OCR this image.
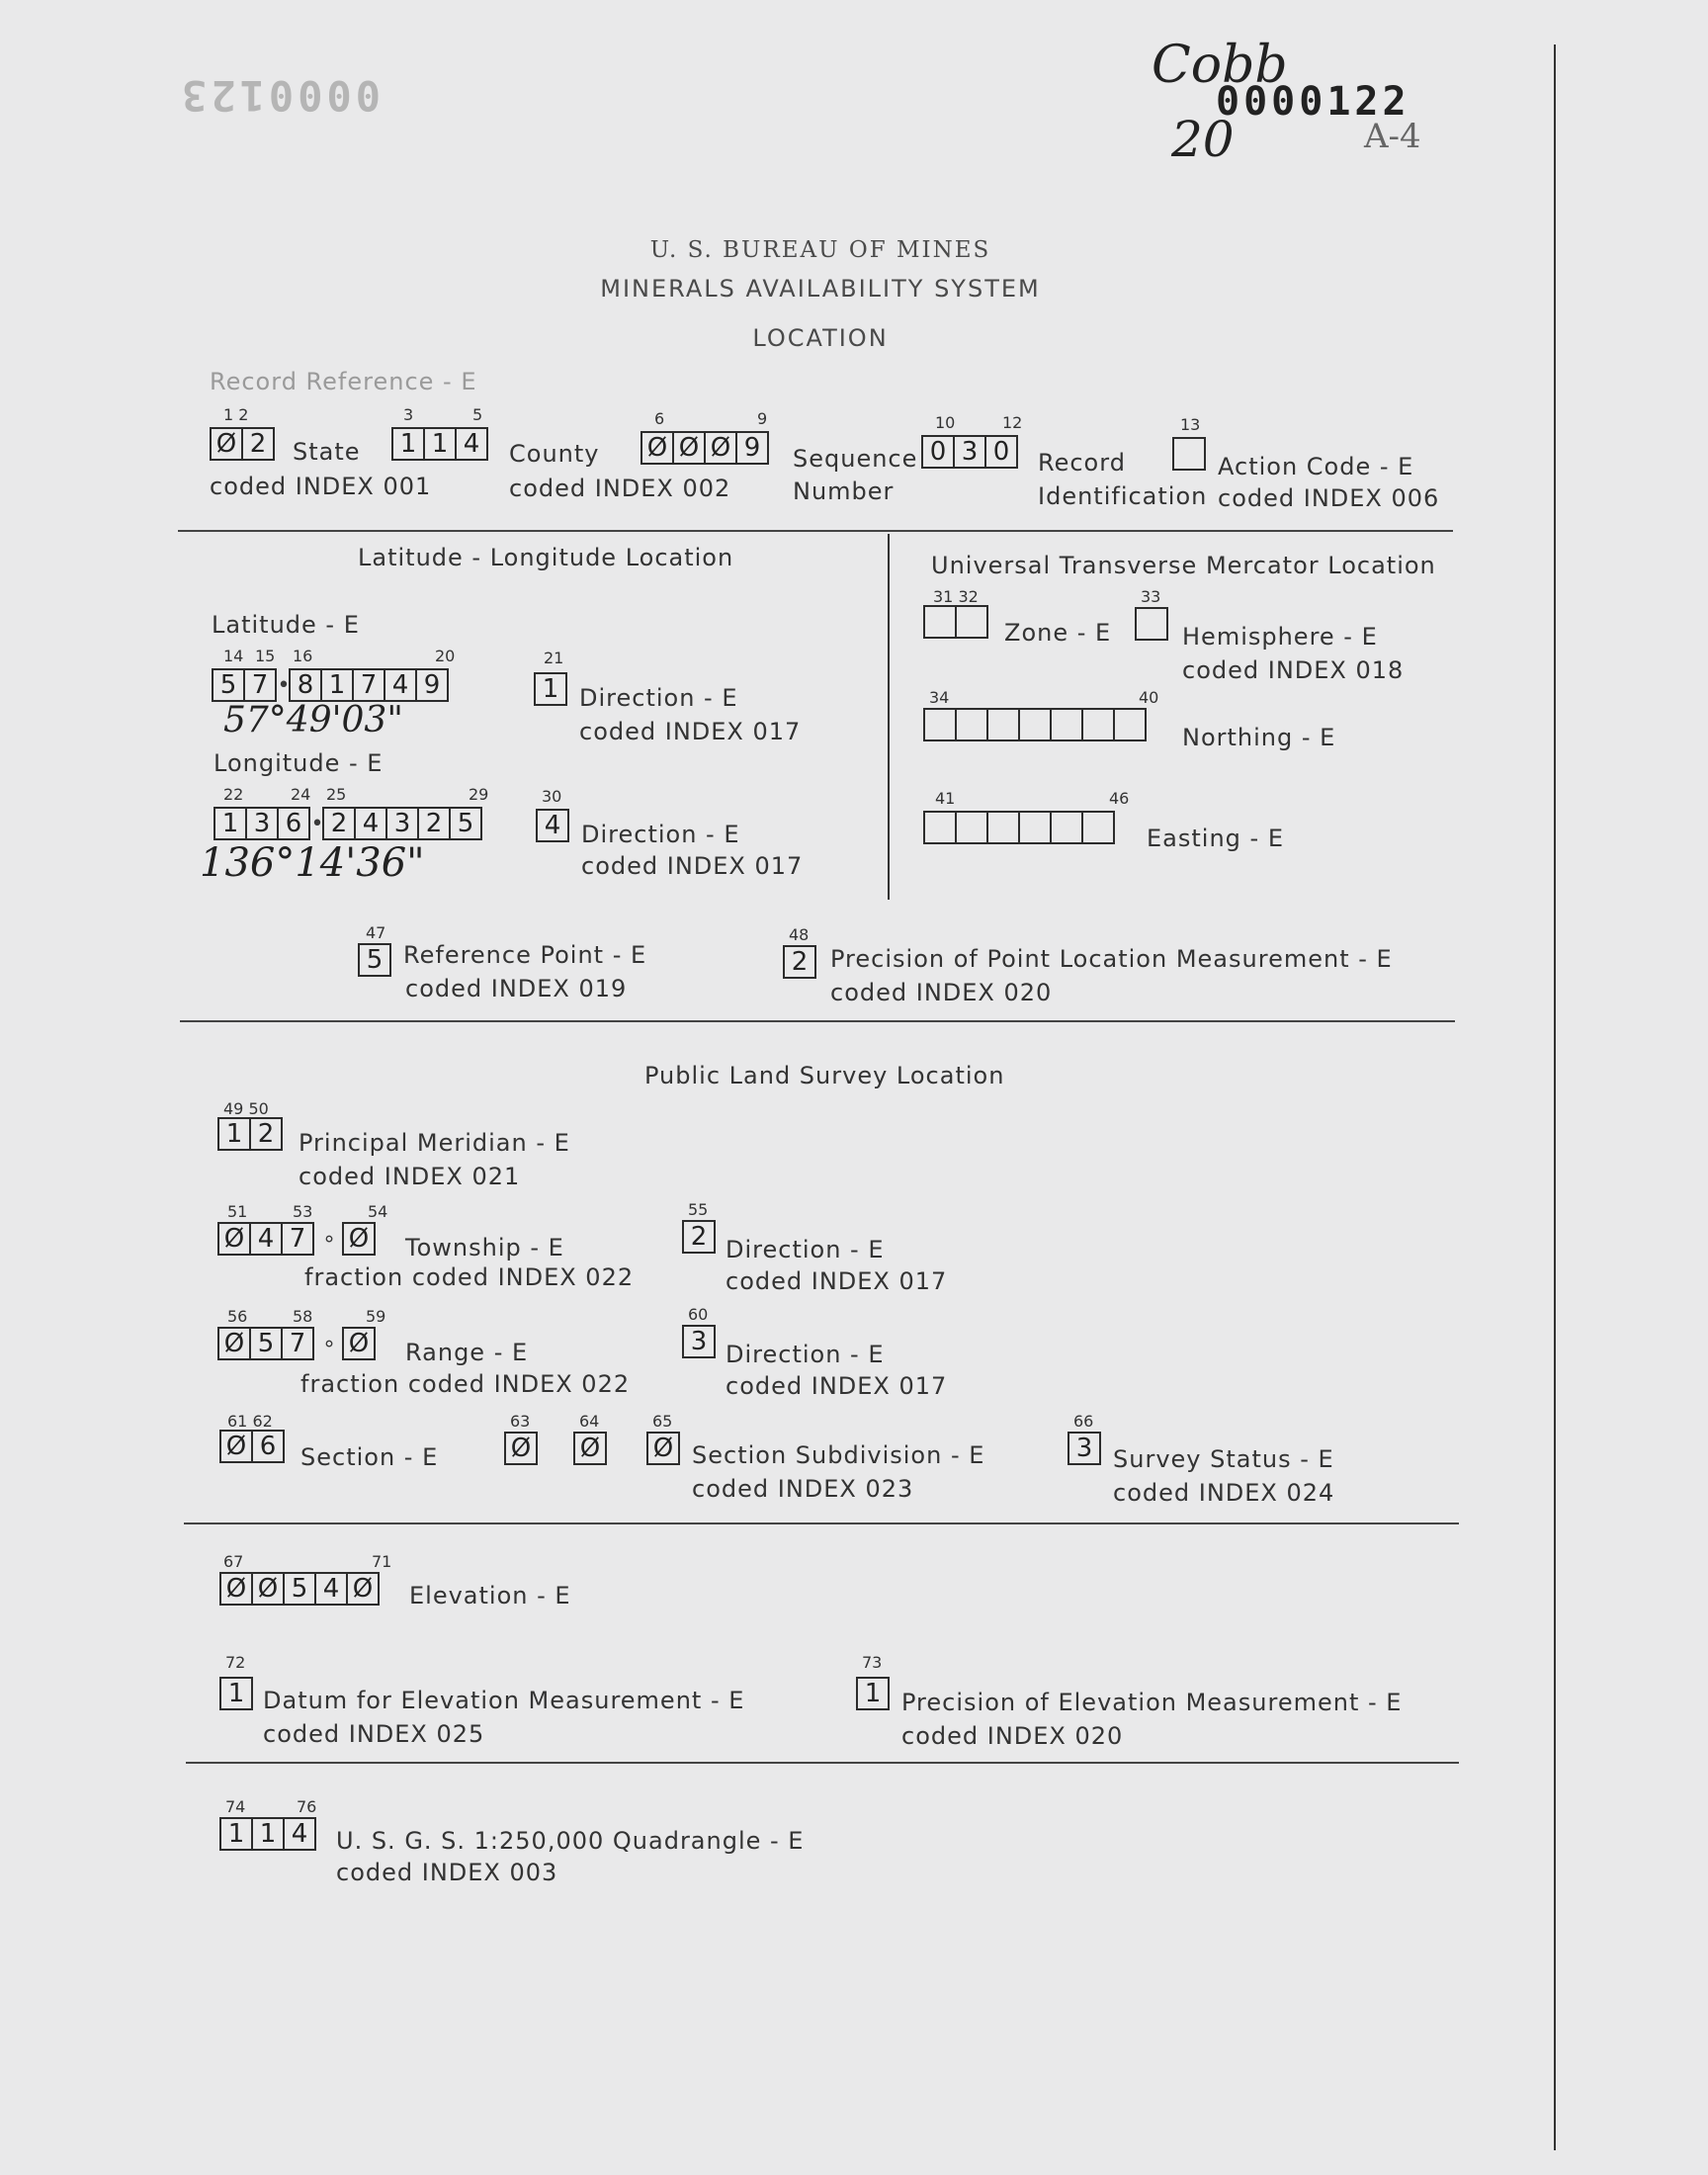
0000123
Cobb
0000122
20	A-4
U. S. BUREAU OF MINES
MINERALS AVAILABILITY SYSTEM
LOCATION
Record Reference - E
1 2
Ø 2	State
coded INDEX 001
3	5
1 1 4	County
coded INDEX 002
6	9
Ø Ø Ø 9	Sequence
Number
10	12
0 3 0	Record
Identification
13
Action Code - E
coded INDEX 006
Latitude - Longitude Location
Latitude - E
14 15 16	20
5 7 • 8 1 7 4 9
57°49'03"
21
1 Direction - E
coded INDEX 017
Longitude - E
22	24 25	29
1 3 6 • 2 4 3 2 5
136°14'36"
30
4 Direction - E
coded INDEX 017
Universal Transverse Mercator Location
31 32
Zone - E
33
Hemisphere - E
coded INDEX 018
34	40
Northing - E
41	46
Easting - E
47
5 Reference Point - E
coded INDEX 019
48
2 Precision of Point Location Measurement - E
coded INDEX 020
Public Land Survey Location
49 50
1 2	Principal Meridian - E
coded INDEX 021
51	53	54
Ø 4 7 ∘ Ø Township - E
fraction coded INDEX 022
55
2 Direction - E
coded INDEX 017
56	58	59
Ø 5 7 ∘ Ø Range - E
fraction coded INDEX 022
60
3 Direction - E
coded INDEX 017
61 62
Ø 6	Section - E
63	64	65
Ø Ø Ø Section Subdivision - E
coded INDEX 023
66
3 Survey Status - E
coded INDEX 024
67	71
Ø Ø 5 4 Ø Elevation - E
72
1 Datum for Elevation Measurement - E
coded INDEX 025
73
1 Precision of Elevation Measurement - E
coded INDEX 020
74	76
1 1 4	U. S. G. S. 1:250,000 Quadrangle - E
coded INDEX 003
